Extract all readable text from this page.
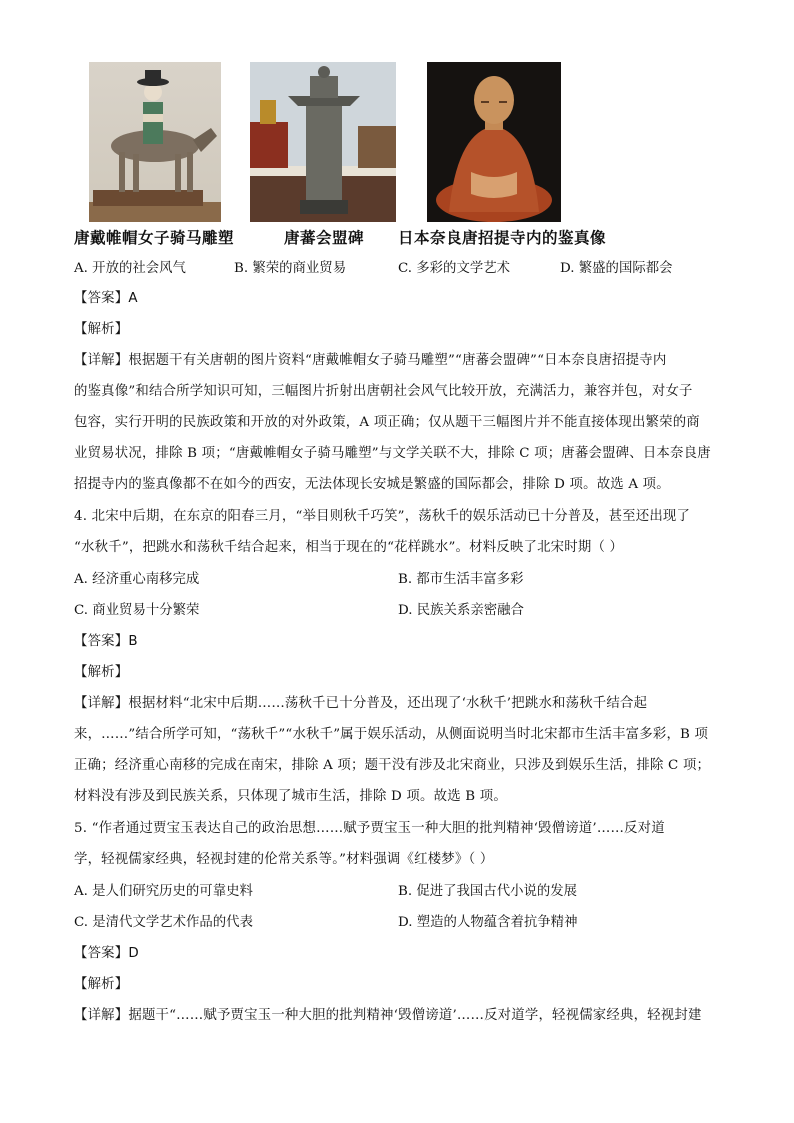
唐戴帷帽女子骑马雕塑	唐蕃会盟碑 日本奈良唐招提寺内的鉴真像
A. 开放的社会风气	B. 繁荣的商业贸易	C. 多彩的文学艺术	D. 繁盛的国际都会
【答案】A
【解析】
【详解】根据题干有关唐朝的图片资料“唐戴帷帽女子骑马雕塑”“唐蕃会盟碑”“日本奈良唐招提寺内
的鉴真像”和结合所学知识可知，三幅图片折射出唐朝社会风气比较开放，充满活力，兼容并包，对女子
包容，实行开明的民族政策和开放的对外政策，A 项正确；仅从题干三幅图片并不能直接体现出繁荣的商
业贸易状况，排除 B 项；“唐戴帷帽女子骑马雕塑”与文学关联不大，排除 C 项；唐蕃会盟碑、日本奈良唐
招提寺内的鉴真像都不在如今的西安，无法体现长安城是繁盛的国际都会，排除 D 项。故选 A 项。
4. 北宋中后期，在东京的阳春三月，“举目则秋千巧笑”，荡秋千的娱乐活动已十分普及，甚至还出现了
“水秋千”，把跳水和荡秋千结合起来，相当于现在的“花样跳水”。材料反映了北宋时期（ ）
A. 经济重心南移完成	B. 都市生活丰富多彩
C. 商业贸易十分繁荣	D. 民族关系亲密融合
【答案】B
【解析】
【详解】根据材料“北宋中后期……荡秋千已十分普及，还出现了‘水秋千’把跳水和荡秋千结合起
来，……”结合所学可知，“荡秋千”“水秋千”属于娱乐活动，从侧面说明当时北宋都市生活丰富多彩，B 项
正确；经济重心南移的完成在南宋，排除 A 项；题干没有涉及北宋商业，只涉及到娱乐生活，排除 C 项；
材料没有涉及到民族关系，只体现了城市生活，排除 D 项。故选 B 项。
5. “作者通过贾宝玉表达自己的政治思想……赋予贾宝玉一种大胆的批判精神‘毁僧谤道’……反对道
学，轻视儒家经典，轻视封建的伦常关系等。”材料强调《红楼梦》（ ）
A. 是人们研究历史的可靠史料	B. 促进了我国古代小说的发展
C. 是清代文学艺术作品的代表	D. 塑造的人物蕴含着抗争精神
【答案】D
【解析】
【详解】据题干“……赋予贾宝玉一种大胆的批判精神‘毁僧谤道’……反对道学，轻视儒家经典，轻视封建
